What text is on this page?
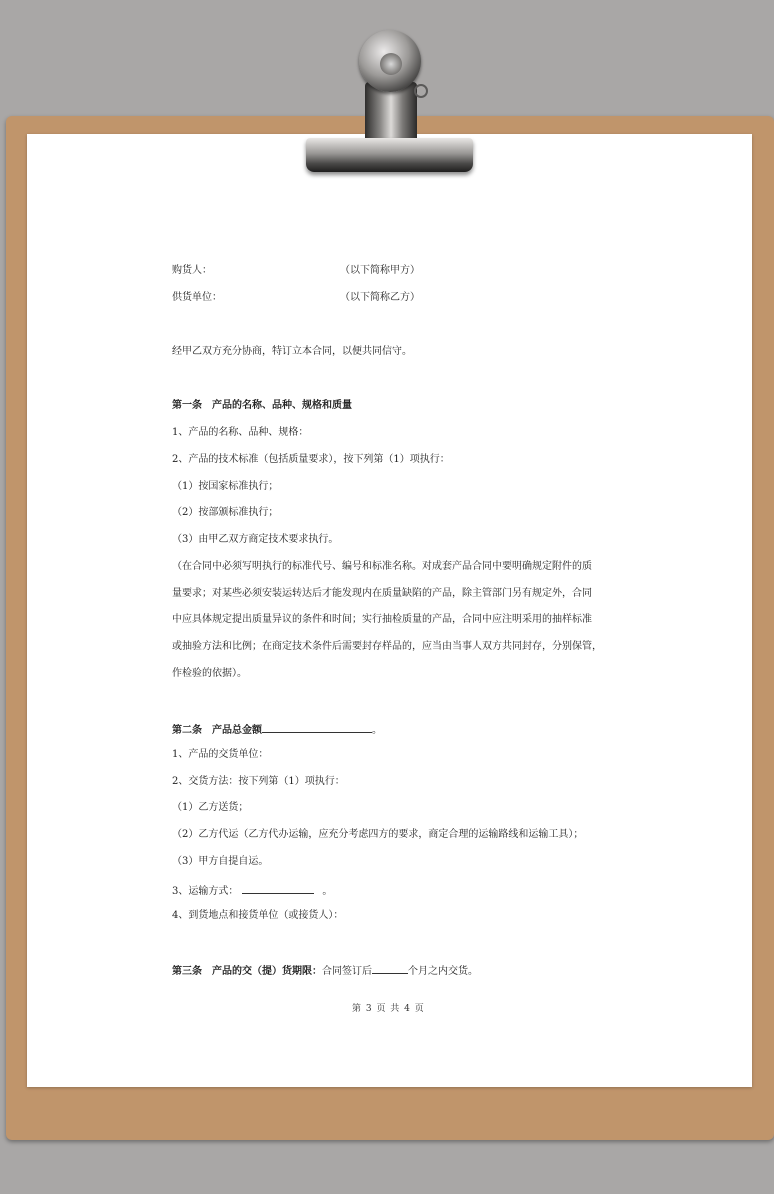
购货人：	（以下简称甲方）
供货单位：	（以下简称乙方）
经甲乙双方充分协商，特订立本合同，以便共同信守。
第一条　产品的名称、品种、规格和质量
1、产品的名称、品种、规格：
2、产品的技术标准（包括质量要求），按下列第（1）项执行：
（1）按国家标准执行；
（2）按部颁标准执行；
（3）由甲乙双方商定技术要求执行。
（在合同中必须写明执行的标准代号、编号和标准名称。对成套产品合同中要明确规定附件的质
量要求；对某些必须安装运转达后才能发现内在质量缺陷的产品，除主管部门另有规定外，合同
中应具体规定提出质量异议的条件和时间；实行抽检质量的产品，合同中应注明采用的抽样标准
或抽验方法和比例；在商定技术条件后需要封存样品的，应当由当事人双方共同封存，分别保管，
作检验的依据）。
第二条　产品总金额	。
1、产品的交货单位：
2、交货方法：按下列第（1）项执行：
（1）乙方送货；
（2）乙方代运（乙方代办运输，应充分考虑四方的要求，商定合理的运输路线和运输工具）；
（3）甲方自提自运。
3、运输方式：	。
4、到货地点和接货单位（或接货人）：
第三条　产品的交（提）货期限：合同签订后	个月之内交货。
第 3 页 共 4 页
